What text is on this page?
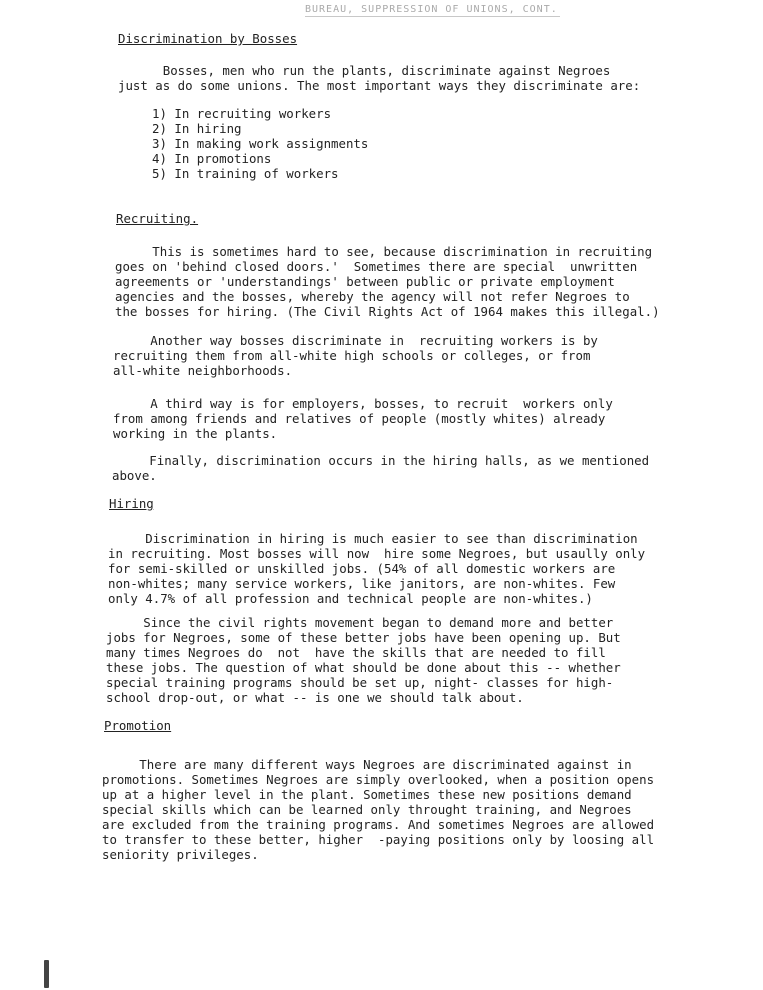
BUREAU, SUPPRESSION OF UNIONS, CONT.
Discrimination by Bosses
Bosses, men who run the plants, discriminate against Negroes
just as do some unions. The most important ways they discriminate are:
1) In recruiting workers
2) In hiring
3) In making work assignments
4) In promotions
5) In training of workers
Recruiting.
This is sometimes hard to see, because discrimination in recruiting
goes on 'behind closed doors.'  Sometimes there are special  unwritten
agreements or 'understandings' between public or private employment
agencies and the bosses, whereby the agency will not refer Negroes to
the bosses for hiring. (The Civil Rights Act of 1964 makes this illegal.)
Another way bosses discriminate in  recruiting workers is by
recruiting them from all-white high schools or colleges, or from
all-white neighborhoods.
A third way is for employers, bosses, to recruit  workers only
from among friends and relatives of people (mostly whites) already
working in the plants.
Finally, discrimination occurs in the hiring halls, as we mentioned
above.
Hiring
Discrimination in hiring is much easier to see than discrimination
in recruiting. Most bosses will now  hire some Negroes, but usaully only
for semi-skilled or unskilled jobs. (54% of all domestic workers are
non-whites; many service workers, like janitors, are non-whites. Few
only 4.7% of all profession and technical people are non-whites.)
Since the civil rights movement began to demand more and better
jobs for Negroes, some of these better jobs have been opening up. But
many times Negroes do  not  have the skills that are needed to fill
these jobs. The question of what should be done about this -- whether
special training programs should be set up, night- classes for high-
school drop-out, or what -- is one we should talk about.
Promotion
There are many different ways Negroes are discriminated against in
promotions. Sometimes Negroes are simply overlooked, when a position opens
up at a higher level in the plant. Sometimes these new positions demand
special skills which can be learned only throught training, and Negroes
are excluded from the training programs. And sometimes Negroes are allowed
to transfer to these better, higher  -paying positions only by loosing all
seniority privileges.
